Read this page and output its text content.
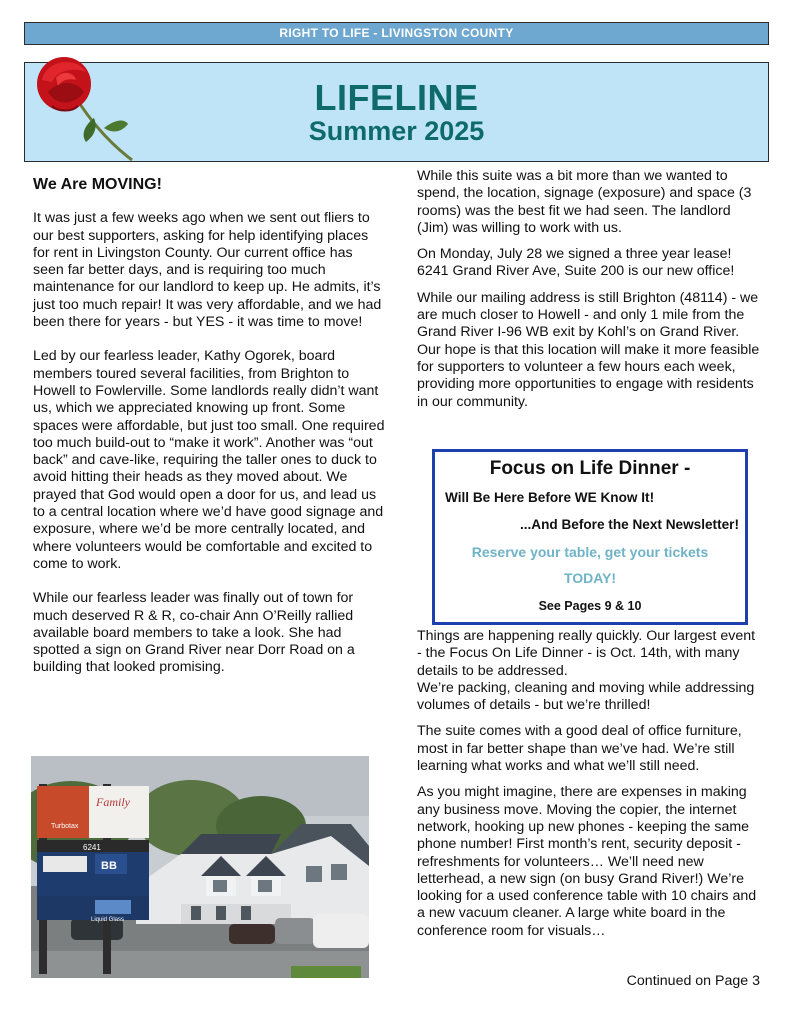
RIGHT TO LIFE - LIVINGSTON COUNTY
LIFELINE
Summer 2025
We Are MOVING!

It was just a few weeks ago when we sent out fliers to our best supporters, asking for help identifying places for rent in Livingston County. Our current office has seen far better days, and is requiring too much maintenance for our landlord to keep up. He admits, it’s just too much repair! It was very affordable, and we had been there for years - but YES - it was time to move!

Led by our fearless leader, Kathy Ogorek, board members toured several facilities, from Brighton to Howell to Fowlerville. Some landlords really didn’t want us, which we appreciated knowing up front. Some spaces were affordable, but just too small. One required too much build-out to “make it work”. Another was “out back” and cave-like, requiring the taller ones to duck to avoid hitting their heads as they moved about. We prayed that God would open a door for us, and lead us to a central location where we’d have good signage and exposure, where we’d be more centrally located, and where volunteers would be comfortable and excited to come to work.

While our fearless leader was finally out of town for much deserved R & R, co-chair Ann O’Reilly rallied available board members to take a look. She had spotted a sign on Grand River near Dorr Road on a building that looked promising.

Turbotax
Family
6241
BB
Liquid Glass

While this suite was a bit more than we wanted to spend, the location, signage (exposure) and space (3 rooms) was the best fit we had seen. The landlord (Jim) was willing to work with us.

On Monday, July 28 we signed a three year lease! 6241 Grand River Ave, Suite 200 is our new office!

While our mailing address is still Brighton (48114) - we are much closer to Howell - and only 1 mile from the Grand River I-96 WB exit by Kohl’s on Grand River. Our hope is that this location will make it more feasible for supporters to volunteer a few hours each week, providing more opportunities to engage with residents in our community.

Focus on Life Dinner -
Will Be Here Before WE Know It!
...And Before the Next Newsletter!
Reserve your table, get your tickets
TODAY!
See Pages 9 & 10

Things are happening really quickly. Our largest event - the Focus On Life Dinner - is Oct. 14th, with many details to be addressed.

We’re packing, cleaning and moving while addressing volumes of details - but we’re thrilled!

The suite comes with a good deal of office furniture, most in far better shape than we’ve had. We’re still learning what works and what we’ll still need.

As you might imagine, there are expenses in making any business move. Moving the copier, the internet network, hooking up new phones - keeping the same phone number! First month’s rent, security deposit - refreshments for volunteers… We’ll need new letterhead, a new sign (on busy Grand River!) We’re looking for a used conference table with 10 chairs and a new vacuum cleaner. A large white board in the conference room for visuals…

Continued on Page 3
